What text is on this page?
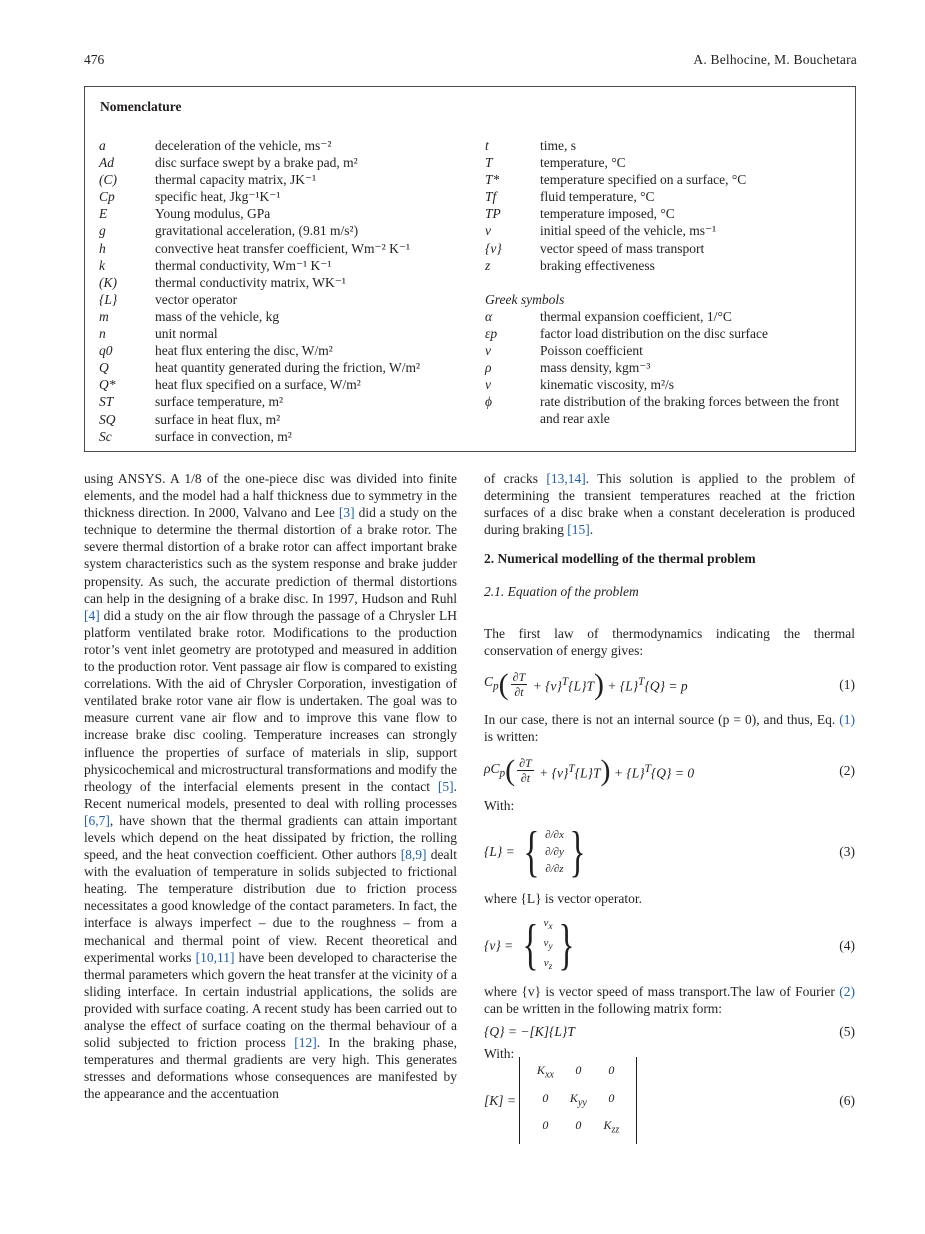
476	A. Belhocine, M. Bouchetara
Nomenclature
a	deceleration of the vehicle, ms⁻²
Ad	disc surface swept by a brake pad, m²
(C)	thermal capacity matrix, JK⁻¹
Cp	specific heat, Jkg⁻¹K⁻¹
E	Young modulus, GPa
g	gravitational acceleration, (9.81 m/s²)
h	convective heat transfer coefficient, Wm⁻² K⁻¹
k	thermal conductivity, Wm⁻¹ K⁻¹
(K)	thermal conductivity matrix, WK⁻¹
{L}	vector operator
m	mass of the vehicle, kg
n⃗	unit normal
q0	heat flux entering the disc, W/m²
Q	heat quantity generated during the friction, W/m²
Q*	heat flux specified on a surface, W/m²
ST	surface temperature, m²
SQ	surface in heat flux, m²
Sc	surface in convection, m²
t	time, s
T	temperature, °C
T*	temperature specified on a surface, °C
Tf	fluid temperature, °C
TP	temperature imposed, °C
v	initial speed of the vehicle, ms⁻¹
{v}	vector speed of mass transport
z	braking effectiveness
Greek symbols
α	thermal expansion coefficient, 1/°C
εp	factor load distribution on the disc surface
ν	Poisson coefficient
ρ	mass density, kgm⁻³
ν	kinematic viscosity, m²/s
ϕ	rate distribution of the braking forces between the front and rear axle

using ANSYS. A 1/8 of the one-piece disc was divided into finite elements, and the model had a half thickness due to symmetry in the thickness direction. In 2000, Valvano and Lee [3] did a study on the technique to determine the thermal distortion of a brake rotor. The severe thermal distortion of a brake rotor can affect important brake system characteristics such as the system response and brake judder propensity. As such, the accurate prediction of thermal distortions can help in the designing of a brake disc. In 1997, Hudson and Ruhl [4] did a study on the air flow through the passage of a Chrysler LH platform ventilated brake rotor. Modifications to the production rotor’s vent inlet geometry are prototyped and measured in addition to the production rotor. Vent passage air flow is compared to existing correlations. With the aid of Chrysler Corporation, investigation of ventilated brake rotor vane air flow is undertaken. The goal was to measure current vane air flow and to improve this vane flow to increase brake disc cooling. Temperature increases can strongly influence the properties of surface of materials in slip, support physicochemical and microstructural transformations and modify the rheology of the interfacial elements present in the contact [5]. Recent numerical models, presented to deal with rolling processes [6,7], have shown that the thermal gradients can attain important levels which depend on the heat dissipated by friction, the rolling speed, and the heat convection coefficient. Other authors [8,9] dealt with the evaluation of temperature in solids subjected to frictional heating. The temperature distribution due to friction process necessitates a good knowledge of the contact parameters. In fact, the interface is always imperfect – due to the roughness – from a mechanical and thermal point of view. Recent theoretical and experimental works [10,11] have been developed to characterise the thermal parameters which govern the heat transfer at the vicinity of a sliding interface. In certain industrial applications, the solids are provided with surface coating. A recent study has been carried out to analyse the effect of surface coating on the thermal behaviour of a solid subjected to friction process [12]. In the braking phase, temperatures and thermal gradients are very high. This generates stresses and deformations whose consequences are manifested by the appearance and the accentuation

of cracks [13,14]. This solution is applied to the problem of determining the transient temperatures reached at the friction surfaces of a disc brake when a constant deceleration is produced during braking [15].

2. Numerical modelling of the thermal problem
2.1. Equation of the problem

The first law of thermodynamics indicating the thermal conservation of energy gives:

$C_p$ ( $\frac{\partial T}{\partial t} + \{v\}^T\{L\}T$ ) + $\{L\}^T\{Q\} = p$	(1)

In our case, there is not an internal source (p = 0), and thus, Eq. (1) is written:

$\rho C_p$ ( $\frac{\partial T}{\partial t} + \{v\}^T\{L\}T$ ) + $\{L\}^T\{Q\} = 0$	(2)

With:

{L} = { ∂/∂x
∂/∂y
∂/∂z }	(3)

where {L} is vector operator.

{v} = { $v_x$
$v_y$
$v_z$ }	(4)

where {v} is vector speed of mass transport.The law of Fourier (2) can be written in the following matrix form:

{Q} = −[K]{L}T	(5)

With:

[K] =
$K_{xx}$	0	0
0	$K_{yy}$	0
0	0	$K_{zz}$
(6)
